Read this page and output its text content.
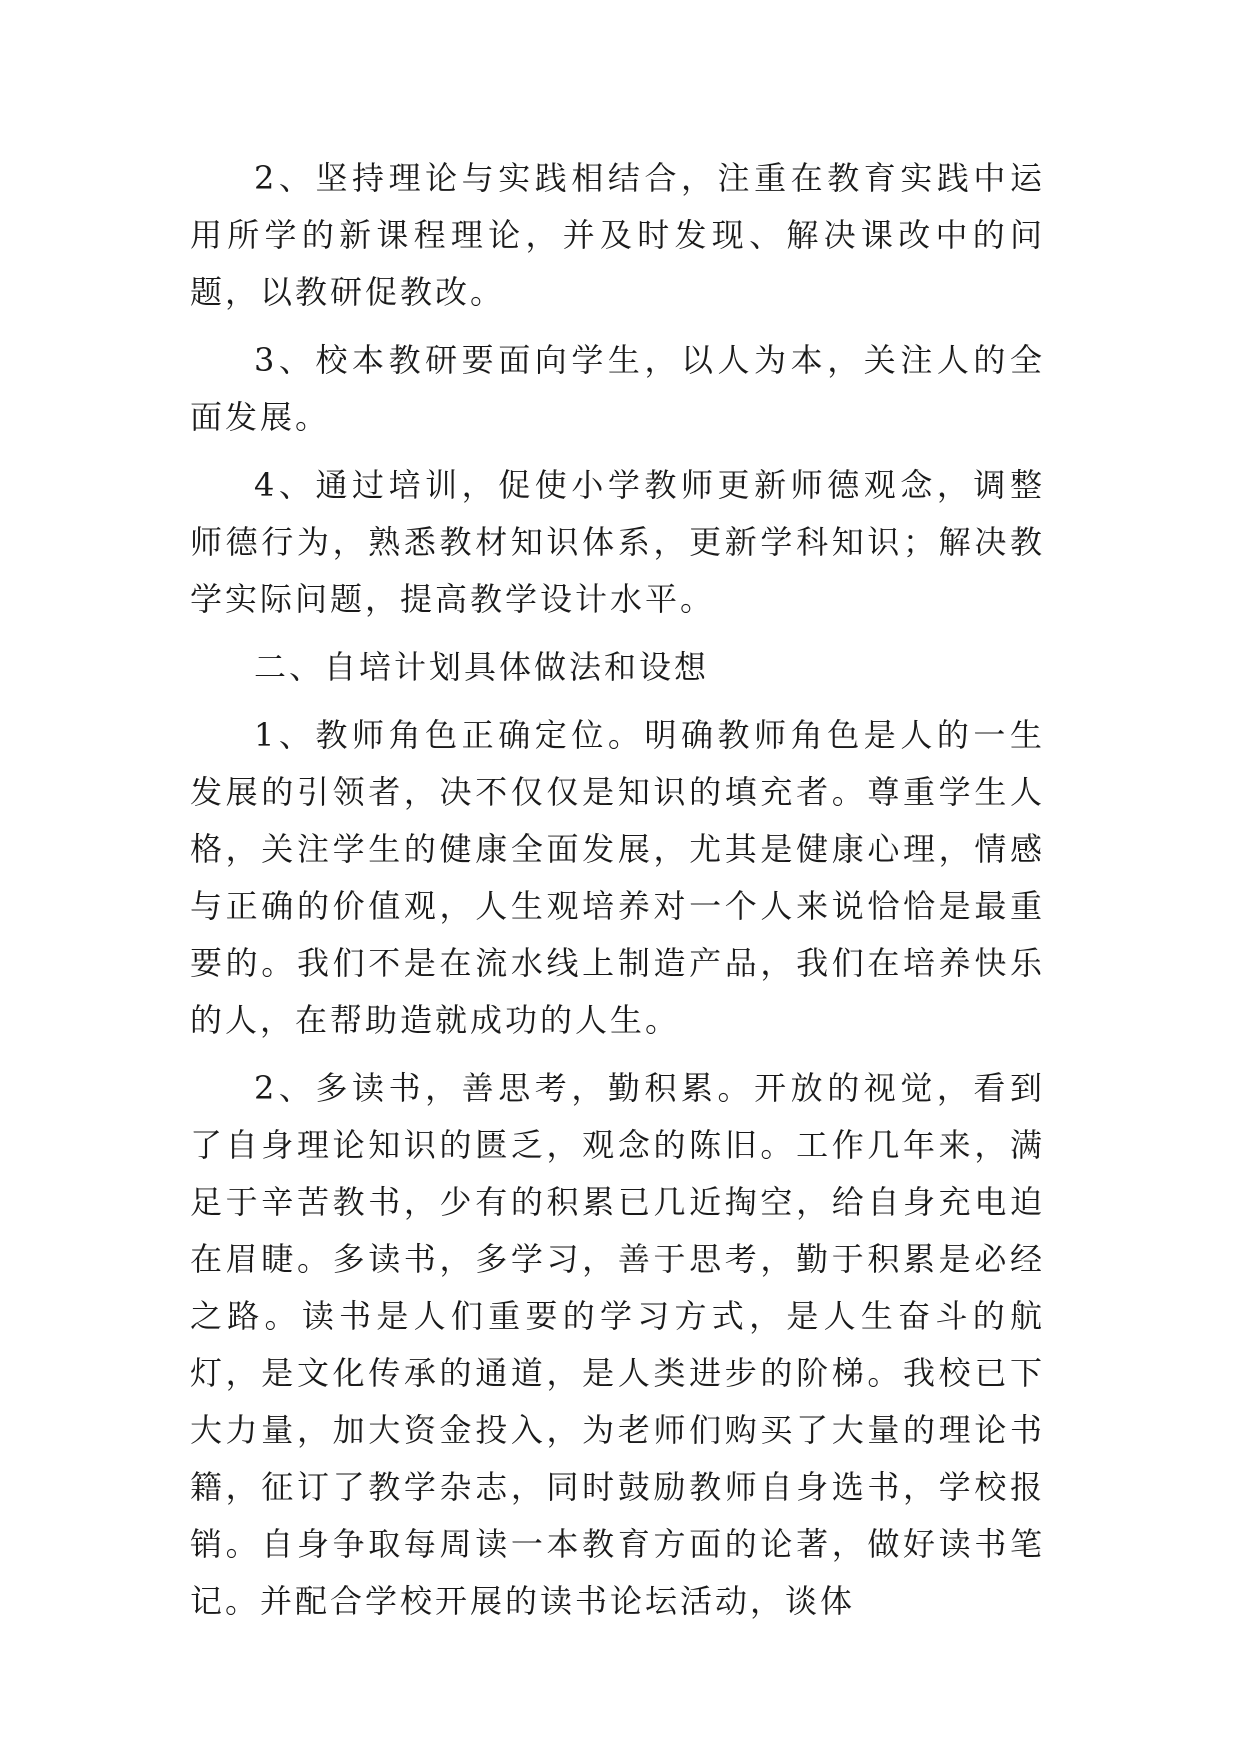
2、坚持理论与实践相结合，注重在教育实践中运用所学的新课程理论，并及时发现、解决课改中的问题，以教研促教改。

3、校本教研要面向学生，以人为本，关注人的全面发展。

4、通过培训，促使小学教师更新师德观念，调整师德行为，熟悉教材知识体系，更新学科知识；解决教学实际问题，提高教学设计水平。

二、自培计划具体做法和设想

1、教师角色正确定位。明确教师角色是人的一生发展的引领者，决不仅仅是知识的填充者。尊重学生人格，关注学生的健康全面发展，尤其是健康心理，情感与正确的价值观，人生观培养对一个人来说恰恰是最重要的。我们不是在流水线上制造产品，我们在培养快乐的人，在帮助造就成功的人生。

2、多读书，善思考，勤积累。开放的视觉，看到了自身理论知识的匮乏，观念的陈旧。工作几年来，满足于辛苦教书，少有的积累已几近掏空，给自身充电迫在眉睫。多读书，多学习，善于思考，勤于积累是必经之路。读书是人们重要的学习方式，是人生奋斗的航灯，是文化传承的通道，是人类进步的阶梯。我校已下大力量，加大资金投入，为老师们购买了大量的理论书籍，征订了教学杂志，同时鼓励教师自身选书，学校报销。自身争取每周读一本教育方面的论著，做好读书笔记。并配合学校开展的读书论坛活动，谈体
